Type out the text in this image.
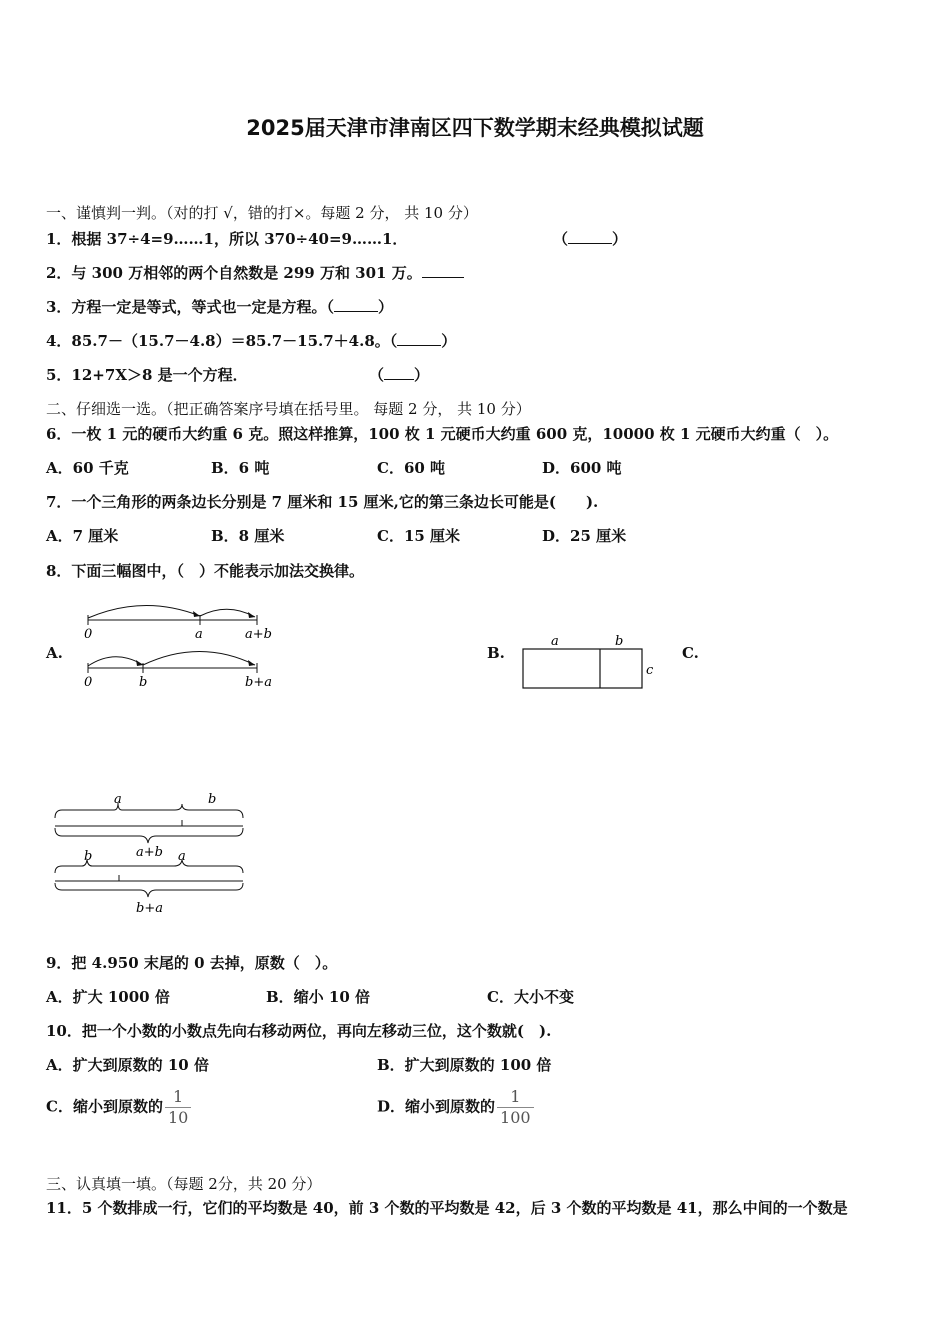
2025届天津市津南区四下数学期末经典模拟试题
一、谨慎判一判。（对的打 √，错的打×。每题 2 分， 共 10 分）
1．根据 37÷4=9……1，所以 370÷40=9……1．	（	）
2．与 300 万相邻的两个自然数是 299 万和 301 万。
3．方程一定是等式，等式也一定是方程。（	）
4．85.7－（15.7－4.8）＝85.7－15.7＋4.8。（	）
5．12+7X＞8 是一个方程．	（ ）
二、仔细选一选。（把正确答案序号填在括号里。 每题 2 分， 共 10 分）
6．一枚 1 元的硬币大约重 6 克。照这样推算，100 枚 1 元硬币大约重 600 克，10000 枚 1 元硬币大约重（　）。
A．60 千克	B．6 吨	C．60 吨	D．600 吨
7．一个三角形的两条边长分别是 7 厘米和 15 厘米,它的第三条边长可能是(　　).
A．7 厘米	B．8 厘米	C．15 厘米	D．25 厘米
8．下面三幅图中，（　）不能表示加法交换律。
A.
0	a	a+b
0	b	b+a
B.
a	b
c
C.
a	b
a+b
b	a
b+a
9．把 4.950 末尾的 0 去掉，原数（　）。
A．扩大 1000 倍	B．缩小 10 倍	C．大小不变
10．把一个小数的小数点先向右移动两位，再向左移动三位，这个数就(　).
A．扩大到原数的 10 倍	B．扩大到原数的 100 倍
C．缩小到原数的 $\frac{1}{10}$	D．缩小到原数的 $\frac{1}{100}$
三、认真填一填。（每题 2分，共 20 分）
11．5 个数排成一行，它们的平均数是 40，前 3 个数的平均数是 42，后 3 个数的平均数是 41，那么中间的一个数是
